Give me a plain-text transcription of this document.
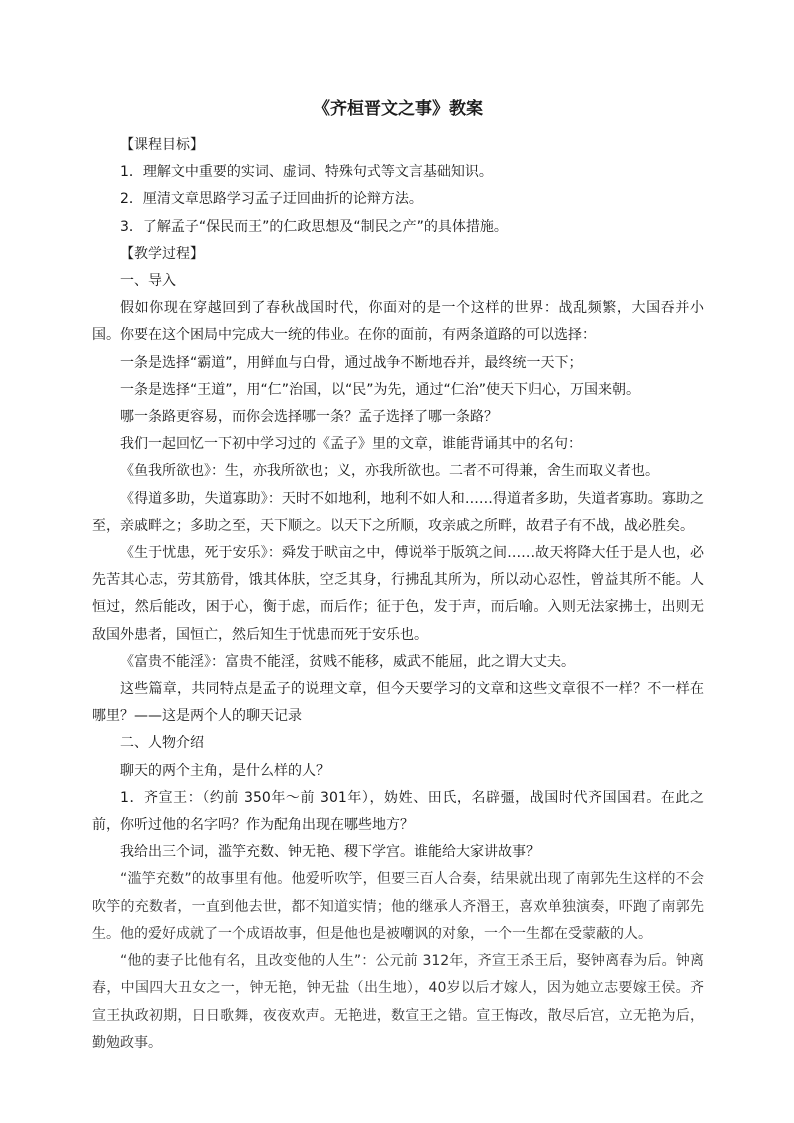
《齐桓晋文之事》教案

【课程目标】

1．理解文中重要的实词、虚词、特殊句式等文言基础知识。

2．厘清文章思路学习孟子迂回曲折的论辩方法。

3．了解孟子“保民而王”的仁政思想及“制民之产”的具体措施。

【教学过程】

一、导入

假如你现在穿越回到了春秋战国时代，你面对的是一个这样的世界：战乱频繁，大国吞并小国。你要在这个困局中完成大一统的伟业。在你的面前，有两条道路的可以选择：

一条是选择“霸道”，用鲜血与白骨，通过战争不断地吞并，最终统一天下；

一条是选择“王道”，用“仁”治国，以“民”为先，通过“仁治”使天下归心，万国来朝。

哪一条路更容易，而你会选择哪一条？孟子选择了哪一条路？

我们一起回忆一下初中学习过的《孟子》里的文章，谁能背诵其中的名句：

《鱼我所欲也》：生，亦我所欲也；义，亦我所欲也。二者不可得兼，舍生而取义者也。

《得道多助，失道寡助》：天时不如地利，地利不如人和……得道者多助，失道者寡助。寡助之至，亲戚畔之；多助之至，天下顺之。以天下之所顺，攻亲戚之所畔，故君子有不战，战必胜矣。

《生于忧患，死于安乐》：舜发于畎亩之中，傅说举于版筑之间……故天将降大任于是人也，必先苦其心志，劳其筋骨，饿其体肤，空乏其身，行拂乱其所为，所以动心忍性，曾益其所不能。人恒过，然后能改，困于心，衡于虑，而后作；征于色，发于声，而后喻。入则无法家拂士，出则无敌国外患者，国恒亡，然后知生于忧患而死于安乐也。

《富贵不能淫》：富贵不能淫，贫贱不能移，威武不能屈，此之谓大丈夫。

这些篇章，共同特点是孟子的说理文章，但今天要学习的文章和这些文章很不一样？不一样在哪里？——这是两个人的聊天记录

二、人物介绍

聊天的两个主角，是什么样的人？

1．齐宣王：（约前 350年～前 301年），妫姓、田氏，名辟彊，战国时代齐国国君。在此之前，你听过他的名字吗？作为配角出现在哪些地方？

我给出三个词，滥竽充数、钟无艳、稷下学宫。谁能给大家讲故事？

“滥竽充数”的故事里有他。他爱听吹竽，但要三百人合奏，结果就出现了南郭先生这样的不会吹竽的充数者，一直到他去世，都不知道实情；他的继承人齐湣王，喜欢单独演奏，吓跑了南郭先生。他的爱好成就了一个成语故事，但是他也是被嘲讽的对象，一个一生都在受蒙蔽的人。

“他的妻子比他有名，且改变他的人生”：公元前 312年，齐宣王杀王后，娶钟离春为后。钟离春，中国四大丑女之一，钟无艳，钟无盐（出生地），40岁以后才嫁人，因为她立志要嫁王侯。齐宣王执政初期，日日歌舞，夜夜欢声。无艳进，数宣王之错。宣王悔改，散尽后宫，立无艳为后，勤勉政事。
